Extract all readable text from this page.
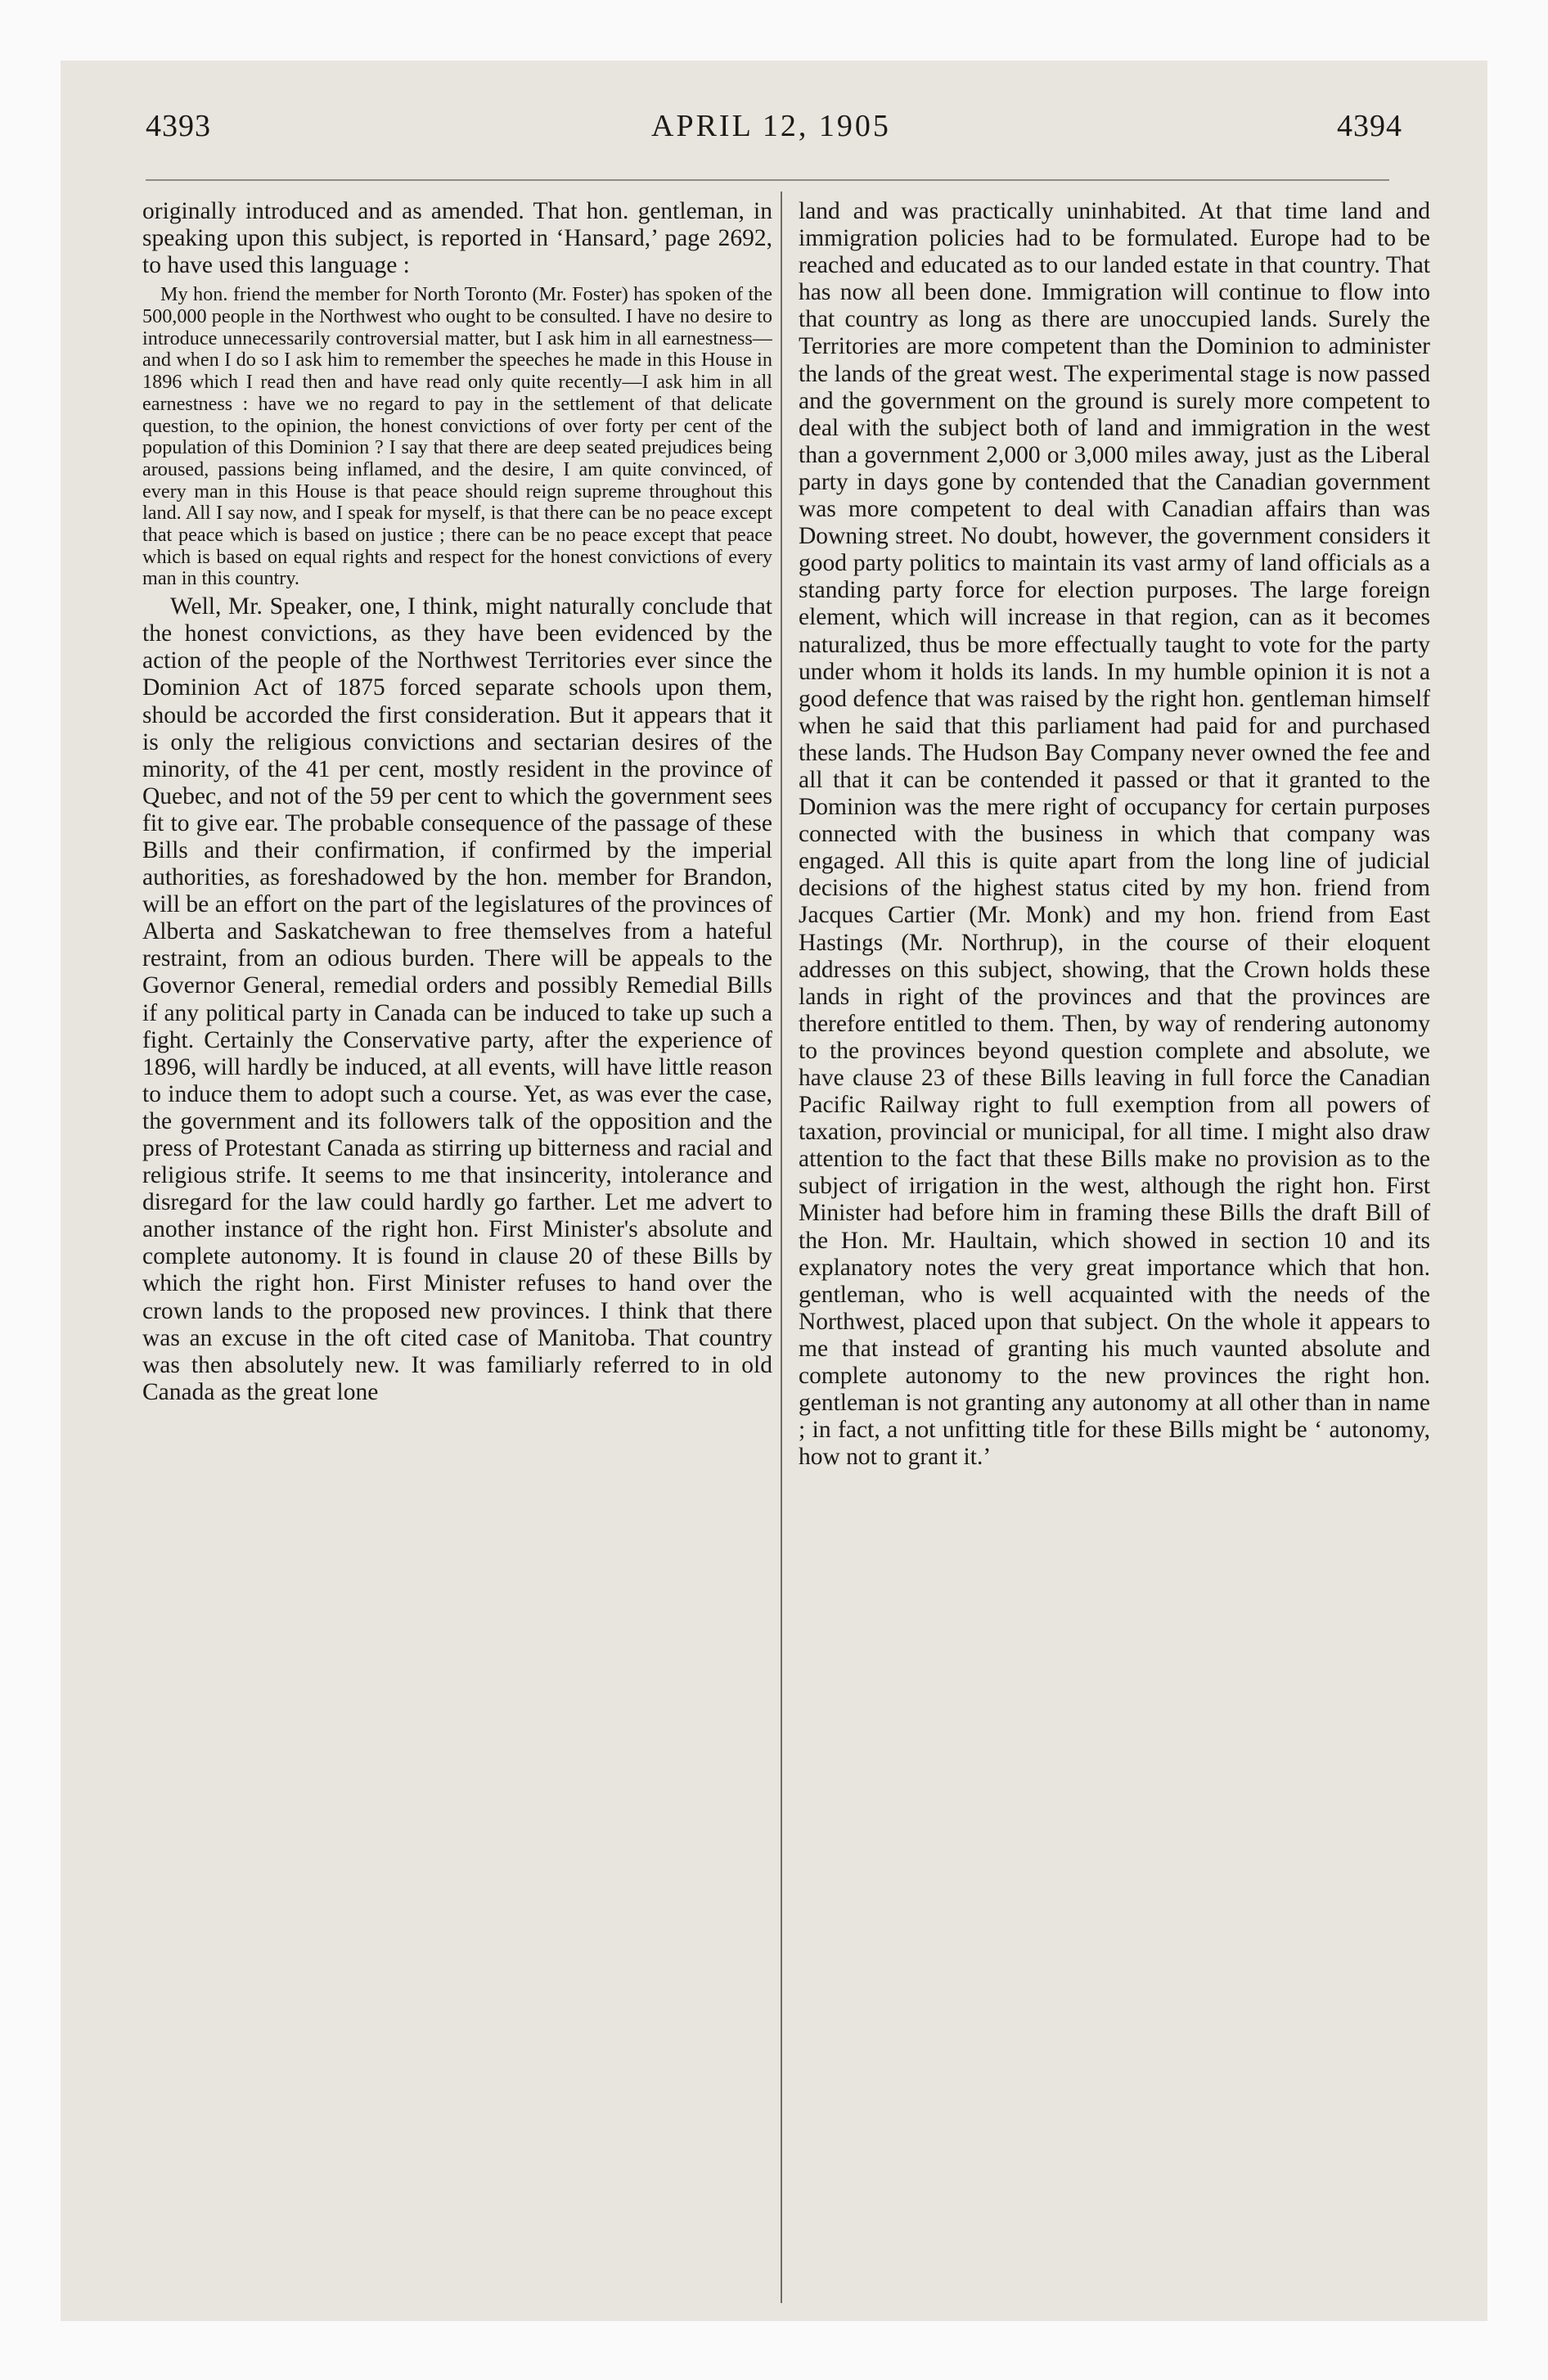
4393	APRIL 12, 1905	4394

originally introduced and as amended. That hon. gentleman, in speaking upon this subject, is reported in ‘Hansard,’ page 2692, to have used this language :

My hon. friend the member for North Toronto (Mr. Foster) has spoken of the 500,000 people in the Northwest who ought to be consulted. I have no desire to introduce unnecessarily controversial matter, but I ask him in all earnestness—and when I do so I ask him to remember the speeches he made in this House in 1896 which I read then and have read only quite recently—I ask him in all earnestness : have we no regard to pay in the settlement of that delicate question, to the opinion, the honest convictions of over forty per cent of the population of this Dominion ? I say that there are deep seated prejudices being aroused, passions being inflamed, and the desire, I am quite convinced, of every man in this House is that peace should reign supreme throughout this land. All I say now, and I speak for myself, is that there can be no peace except that peace which is based on justice ; there can be no peace except that peace which is based on equal rights and respect for the honest convictions of every man in this country.

Well, Mr. Speaker, one, I think, might naturally conclude that the honest convictions, as they have been evidenced by the action of the people of the Northwest Territories ever since the Dominion Act of 1875 forced separate schools upon them, should be accorded the first consideration. But it appears that it is only the religious convictions and sectarian desires of the minority, of the 41 per cent, mostly resident in the province of Quebec, and not of the 59 per cent to which the government sees fit to give ear. The probable consequence of the passage of these Bills and their confirmation, if confirmed by the imperial authorities, as foreshadowed by the hon. member for Brandon, will be an effort on the part of the legislatures of the provinces of Alberta and Saskatchewan to free themselves from a hateful restraint, from an odious burden. There will be appeals to the Governor General, remedial orders and possibly Remedial Bills if any political party in Canada can be induced to take up such a fight. Certainly the Conservative party, after the experience of 1896, will hardly be induced, at all events, will have little reason to induce them to adopt such a course. Yet, as was ever the case, the government and its followers talk of the opposition and the press of Protestant Canada as stirring up bitterness and racial and religious strife. It seems to me that insincerity, intolerance and disregard for the law could hardly go farther. Let me advert to another instance of the right hon. First Minister's absolute and complete autonomy. It is found in clause 20 of these Bills by which the right hon. First Minister refuses to hand over the crown lands to the proposed new provinces. I think that there was an excuse in the oft cited case of Manitoba. That country was then absolutely new. It was familiarly referred to in old Canada as the great lone

land and was practically uninhabited. At that time land and immigration policies had to be formulated. Europe had to be reached and educated as to our landed estate in that country. That has now all been done. Immigration will continue to flow into that country as long as there are unoccupied lands. Surely the Territories are more competent than the Dominion to administer the lands of the great west. The experimental stage is now passed and the government on the ground is surely more competent to deal with the subject both of land and immigration in the west than a government 2,000 or 3,000 miles away, just as the Liberal party in days gone by contended that the Canadian government was more competent to deal with Canadian affairs than was Downing street. No doubt, however, the government considers it good party politics to maintain its vast army of land officials as a standing party force for election purposes. The large foreign element, which will increase in that region, can as it becomes naturalized, thus be more effectually taught to vote for the party under whom it holds its lands. In my humble opinion it is not a good defence that was raised by the right hon. gentleman himself when he said that this parliament had paid for and purchased these lands. The Hudson Bay Company never owned the fee and all that it can be contended it passed or that it granted to the Dominion was the mere right of occupancy for certain purposes connected with the business in which that company was engaged. All this is quite apart from the long line of judicial decisions of the highest status cited by my hon. friend from Jacques Cartier (Mr. Monk) and my hon. friend from East Hastings (Mr. Northrup), in the course of their eloquent addresses on this subject, showing, that the Crown holds these lands in right of the provinces and that the provinces are therefore entitled to them. Then, by way of rendering autonomy to the provinces beyond question complete and absolute, we have clause 23 of these Bills leaving in full force the Canadian Pacific Railway right to full exemption from all powers of taxation, provincial or municipal, for all time. I might also draw attention to the fact that these Bills make no provision as to the subject of irrigation in the west, although the right hon. First Minister had before him in framing these Bills the draft Bill of the Hon. Mr. Haultain, which showed in section 10 and its explanatory notes the very great importance which that hon. gentleman, who is well acquainted with the needs of the Northwest, placed upon that subject. On the whole it appears to me that instead of granting his much vaunted absolute and complete autonomy to the new provinces the right hon. gentleman is not granting any autonomy at all other than in name ; in fact, a not unfitting title for these Bills might be ‘ autonomy, how not to grant it.’
